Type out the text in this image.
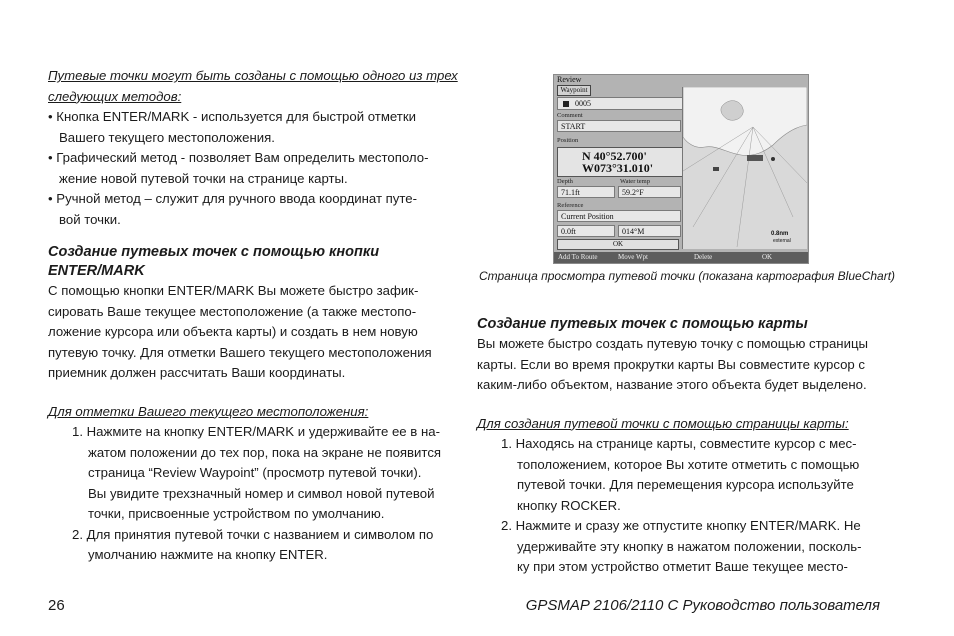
Путевые точки могут быть созданы с помощью одного из трех
следующих методов:
• Кнопка ENTER/MARK - используется для быстрой отметки
Вашего текущего местоположения.
• Графический метод - позволяет Вам определить местополо-
жение новой путевой точки на странице карты.
• Ручной метод – служит для ручного ввода координат путе-
вой точки.
Создание путевых точек с помощью кнопки
ENTER/MARK
С помощью кнопки ENTER/MARK Вы можете быстро зафик-
сировать Ваше текущее местоположение (а также местопо-
ложение курсора или объекта карты) и создать в нем новую
путевую точку. Для отметки Вашего текущего местоположения
приемник должен рассчитать Ваши координаты.
Для отметки Вашего текущего местоположения:
1. Нажмите на кнопку ENTER/MARK и удерживайте ее в на-
жатом положении до тех пор, пока на экране не появится
страница “Review Waypoint” (просмотр путевой точки).
Вы увидите трехзначный номер и символ новой путевой
точки, присвоенные устройством по умолчанию.
2. Для принятия путевой точки с названием и символом по
умолчанию нажмите на кнопку ENTER.
Review
Waypoint
0005
Comment
START
Position
N 40°52.700'
W073°31.010'
Depth	Water temp
71.1ft	59.2°F
Reference
Current Position
0.0ft	014°M
OK
0.8nm
external
Add To Route	Move Wpt	Delete	OK
Страница просмотра путевой точки (показана картография BlueChart)
Создание путевых точек с помощью карты
Вы можете быстро создать путевую точку с помощью страницы
карты. Если во время прокрутки карты Вы совместите курсор с
каким-либо объектом, название этого объекта будет выделено.
Для создания путевой точки с помощью страницы карты:
1. Находясь на странице карты, совместите курсор с мес-
тоположением, которое Вы хотите отметить с помощью
путевой точки. Для перемещения курсора используйте
кнопку ROCKER.
2. Нажмите и сразу же отпустите кнопку ENTER/MARK. Не
удерживайте эту кнопку в нажатом положении, посколь-
ку при этом устройство отметит Ваше текущее место-
26	GPSMAP 2106/2110 C Руководство пользователя
